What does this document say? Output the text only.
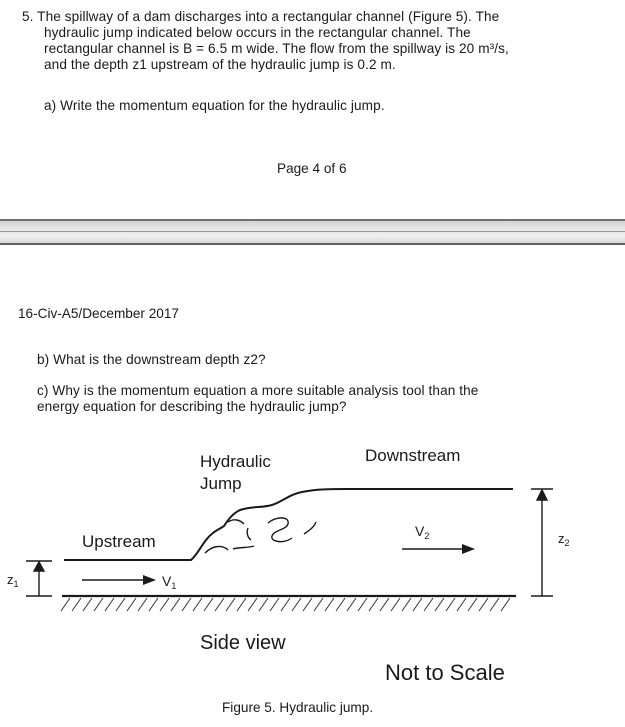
5. The spillway of a dam discharges into a rectangular channel (Figure 5). The
hydraulic jump indicated below occurs in the rectangular channel. The
rectangular channel is B = 6.5 m wide. The flow from the spillway is 20 m³/s,
and the depth z1 upstream of the hydraulic jump is 0.2 m.
a) Write the momentum equation for the hydraulic jump.
Page 4 of 6
16-Civ-A5/December 2017
b) What is the downstream depth z2?
c) Why is the momentum equation a more suitable analysis tool than the
energy equation for describing the hydraulic jump?
Hydraulic
Jump
Downstream
Upstream
$V_1$
$V_2$
$z_1$
$z_2$
Side view
Not to Scale
Figure 5. Hydraulic jump.
